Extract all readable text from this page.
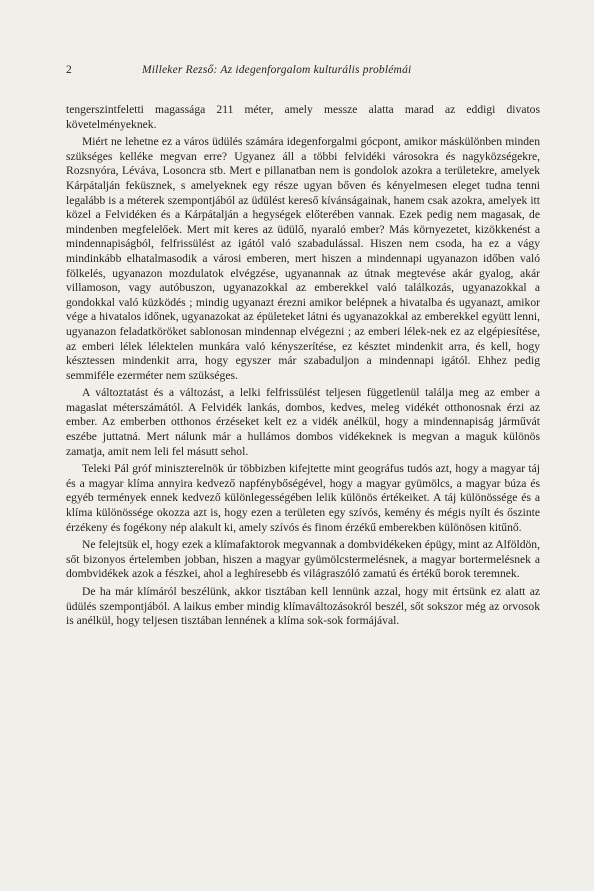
2	Milleker Rezső: Az idegenforgalom kulturális problémái

tengerszintfeletti magassága 211 méter, amely messze alatta marad az eddigi divatos követelményeknek.

Miért ne lehetne ez a város üdülés számára idegenforgalmi gócpont, amikor máskülönben minden szükséges kelléke megvan erre? Ugyanez áll a többi felvidéki városokra és nagyközségekre, Rozsnyóra, Léváva, Losoncra stb. Mert e pillanatban nem is gondolok azokra a területekre, amelyek Kárpátalján feküsznek, s amelyeknek egy része ugyan bőven és kényelmesen eleget tudna tenni legalább is a méterek szempontjából az üdülést kereső kívánságainak, hanem csak azokra, amelyek itt közel a Felvidéken és a Kárpátalján a hegységek előterében vannak. Ezek pedig nem magasak, de mindenben megfelelőek. Mert mit keres az üdülő, nyaraló ember? Más környezetet, kizökkenést a mindennapiságból, felfrissülést az igától való szabadulással. Hiszen nem csoda, ha ez a vágy mindinkább elhatalmasodik a városi emberen, mert hiszen a mindennapi ugyanazon időben való fölkelés, ugyanazon mozdulatok elvégzése, ugyanannak az útnak megtevése akár gyalog, akár villamoson, vagy autóbuszon, ugyanazokkal az emberekkel való találkozás, ugyanazokkal a gondokkal való küzködés ; mindig ugyanazt érezni amikor belépnek a hivatalba és ugyanazt, amikor vége a hivatalos időnek, ugyanazokat az épületeket látni és ugyanazokkal az emberekkel együtt lenni, ugyanazon feladatköröket sablonosan mindennap elvégezni ; az emberi lélek-nek ez az elgépiesítése, az emberi lélek lélektelen munkára való kényszerítése, ez késztet mindenkit arra, és kell, hogy késztessen mindenkit arra, hogy egyszer már szabaduljon a mindennapi igától. Ehhez pedig semmiféle ezerméter nem szükséges.

A változtatást és a változást, a lelki felfrissülést teljesen függetlenül találja meg az ember a magaslat méterszámától. A Felvidék lankás, dombos, kedves, meleg vidékét otthonosnak érzi az ember. Az emberben otthonos érzéseket kelt ez a vidék anélkül, hogy a mindennapiság járművát eszébe juttatná. Mert nálunk már a hullámos dombos vidékeknek is megvan a maguk különös zamatja, amit nem leli fel másutt sehol.

Teleki Pál gróf miniszterelnök úr többizben kifejtette mint geográfus tudós azt, hogy a magyar táj és a magyar klíma annyira kedvező napfénybőségével, hogy a magyar gyümölcs, a magyar búza és egyéb termények ennek kedvező különlegességében lelik különös értékeiket. A táj különössége és a klíma különössége okozza azt is, hogy ezen a területen egy szívós, kemény és mégis nyílt és őszinte érzékeny és fogékony nép alakult ki, amely szívós és finom érzékű emberekben különösen kitűnő.

Ne felejtsük el, hogy ezek a klímafaktorok megvannak a dombvidékeken épügy, mint az Alföldön, sőt bizonyos értelemben jobban, hiszen a magyar gyümölcstermelésnek, a magyar bortermelésnek a dombvidékek azok a fészkei, ahol a leghíresebb és világraszóló zamatú és értékű borok teremnek.

De ha már klímáról beszélünk, akkor tisztában kell lennünk azzal, hogy mit értsünk ez alatt az üdülés szempontjából. A laikus ember mindig klímaváltozásokról beszél, sőt sokszor még az orvosok is anélkül, hogy teljesen tisztában lennének a klíma sok-sok formájával.
